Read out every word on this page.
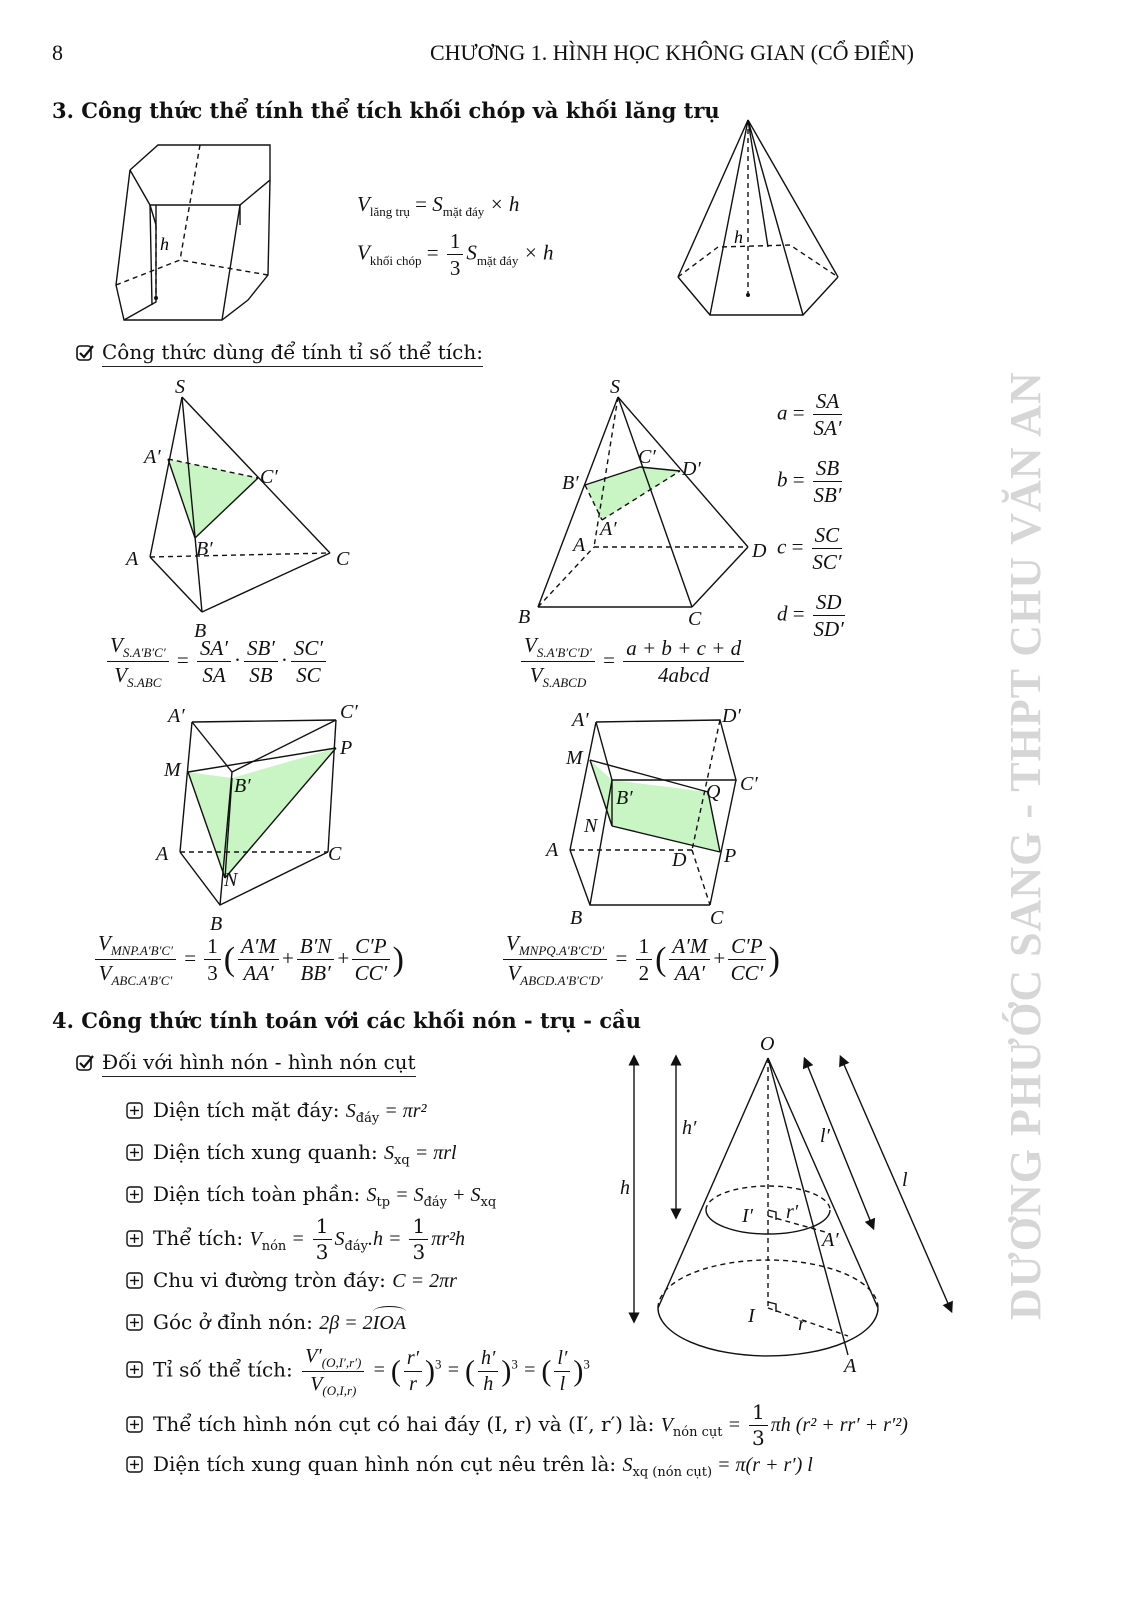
8	CHƯƠNG 1. HÌNH HỌC KHÔNG GIAN (CỔ ĐIỂN)
DƯƠNG PHƯỚC SANG - THPT CHU VĂN AN
3. Công thức thể tính thể tích khối chóp và khối lăng trụ
h
$V_{lăng trụ} = S_{mặt đáy} \times h$
$V_{khối chóp} = \frac{1}{3} S_{mặt đáy} \times h$
h
Công thức dùng để tính tỉ số thể tích:
S
A′
C′
B′
A	C
B
$\frac{V_{S.A'B'C'}}{V_{S.ABC}} = \frac{SA'}{SA} \cdot \frac{SB'}{SB} \cdot \frac{SC'}{SC}$
S
C′
D′
B′
A′
A	D
B	C
$\frac{V_{S.A'B'C'D'}}{V_{S.ABCD}} = \frac{a + b + c + d}{\text{4abcd}}$
$a = \frac{SA}{SA'}$
$b = \frac{SB}{SB'}$
$c = \frac{SC}{SC'}$
$d = \frac{SD}{SD'}$
A′	C′
P
M
B′
A	C
N
B
$\frac{V_{MNP.A'B'C'}}{V_{ABC.A'B'C'}} = \frac{1}{3}$ ( $\frac{A'M}{AA'} + \frac{B'N}{BB'} + \frac{C'P}{CC'}$ )
A′	D′
M
C′
Q
B′
N
A	D P
B	C
$\frac{V_{MNPQ.A'B'C'D'}}{V_{ABCD.A'B'C'D'}} = \frac{1}{2}$ ( $\frac{A'M}{AA'} + \frac{C'P}{CC'}$ )
4. Công thức tính toán với các khối nón - trụ - cầu
Đối với hình nón - hình nón cụt
Diện tích mặt đáy: $S_{đáy} = \pi r^2$
Diện tích xung quanh: $S_{xq} = \pi rl$
Diện tích toàn phần: $S_{tp} = S_{đáy} + S_{xq}$
Thể tích: $V_{nón} = \frac{1}{3} S_{đáy}.h = \frac{1}{3} \pi r^2h$
Chu vi đường tròn đáy: C = 2πr
Góc ở đỉnh nón: 2β = 2
IOA
Tỉ số thể tích: $\frac{V'_{(O,I',r')}}{V_{(O,I,r)}}$ = ( $\frac{r'}{r} )^3$ = ( $\frac{h'}{h} )^3$ = ( $\frac{l'}{l} )^3$
Thể tích hình nón cụt có hai đáy (I, r) và (I′, r′) là: $V_{nón cụt} = \frac{1}{3}$ πh (r² + rr′ + r′²)
Diện tích xung quan hình nón cụt nêu trên là: $S_{xq (nón cụt)} = \pi(r + r')$ l
O
h′	l′
l
h
I′ r′
A′
I r
A
